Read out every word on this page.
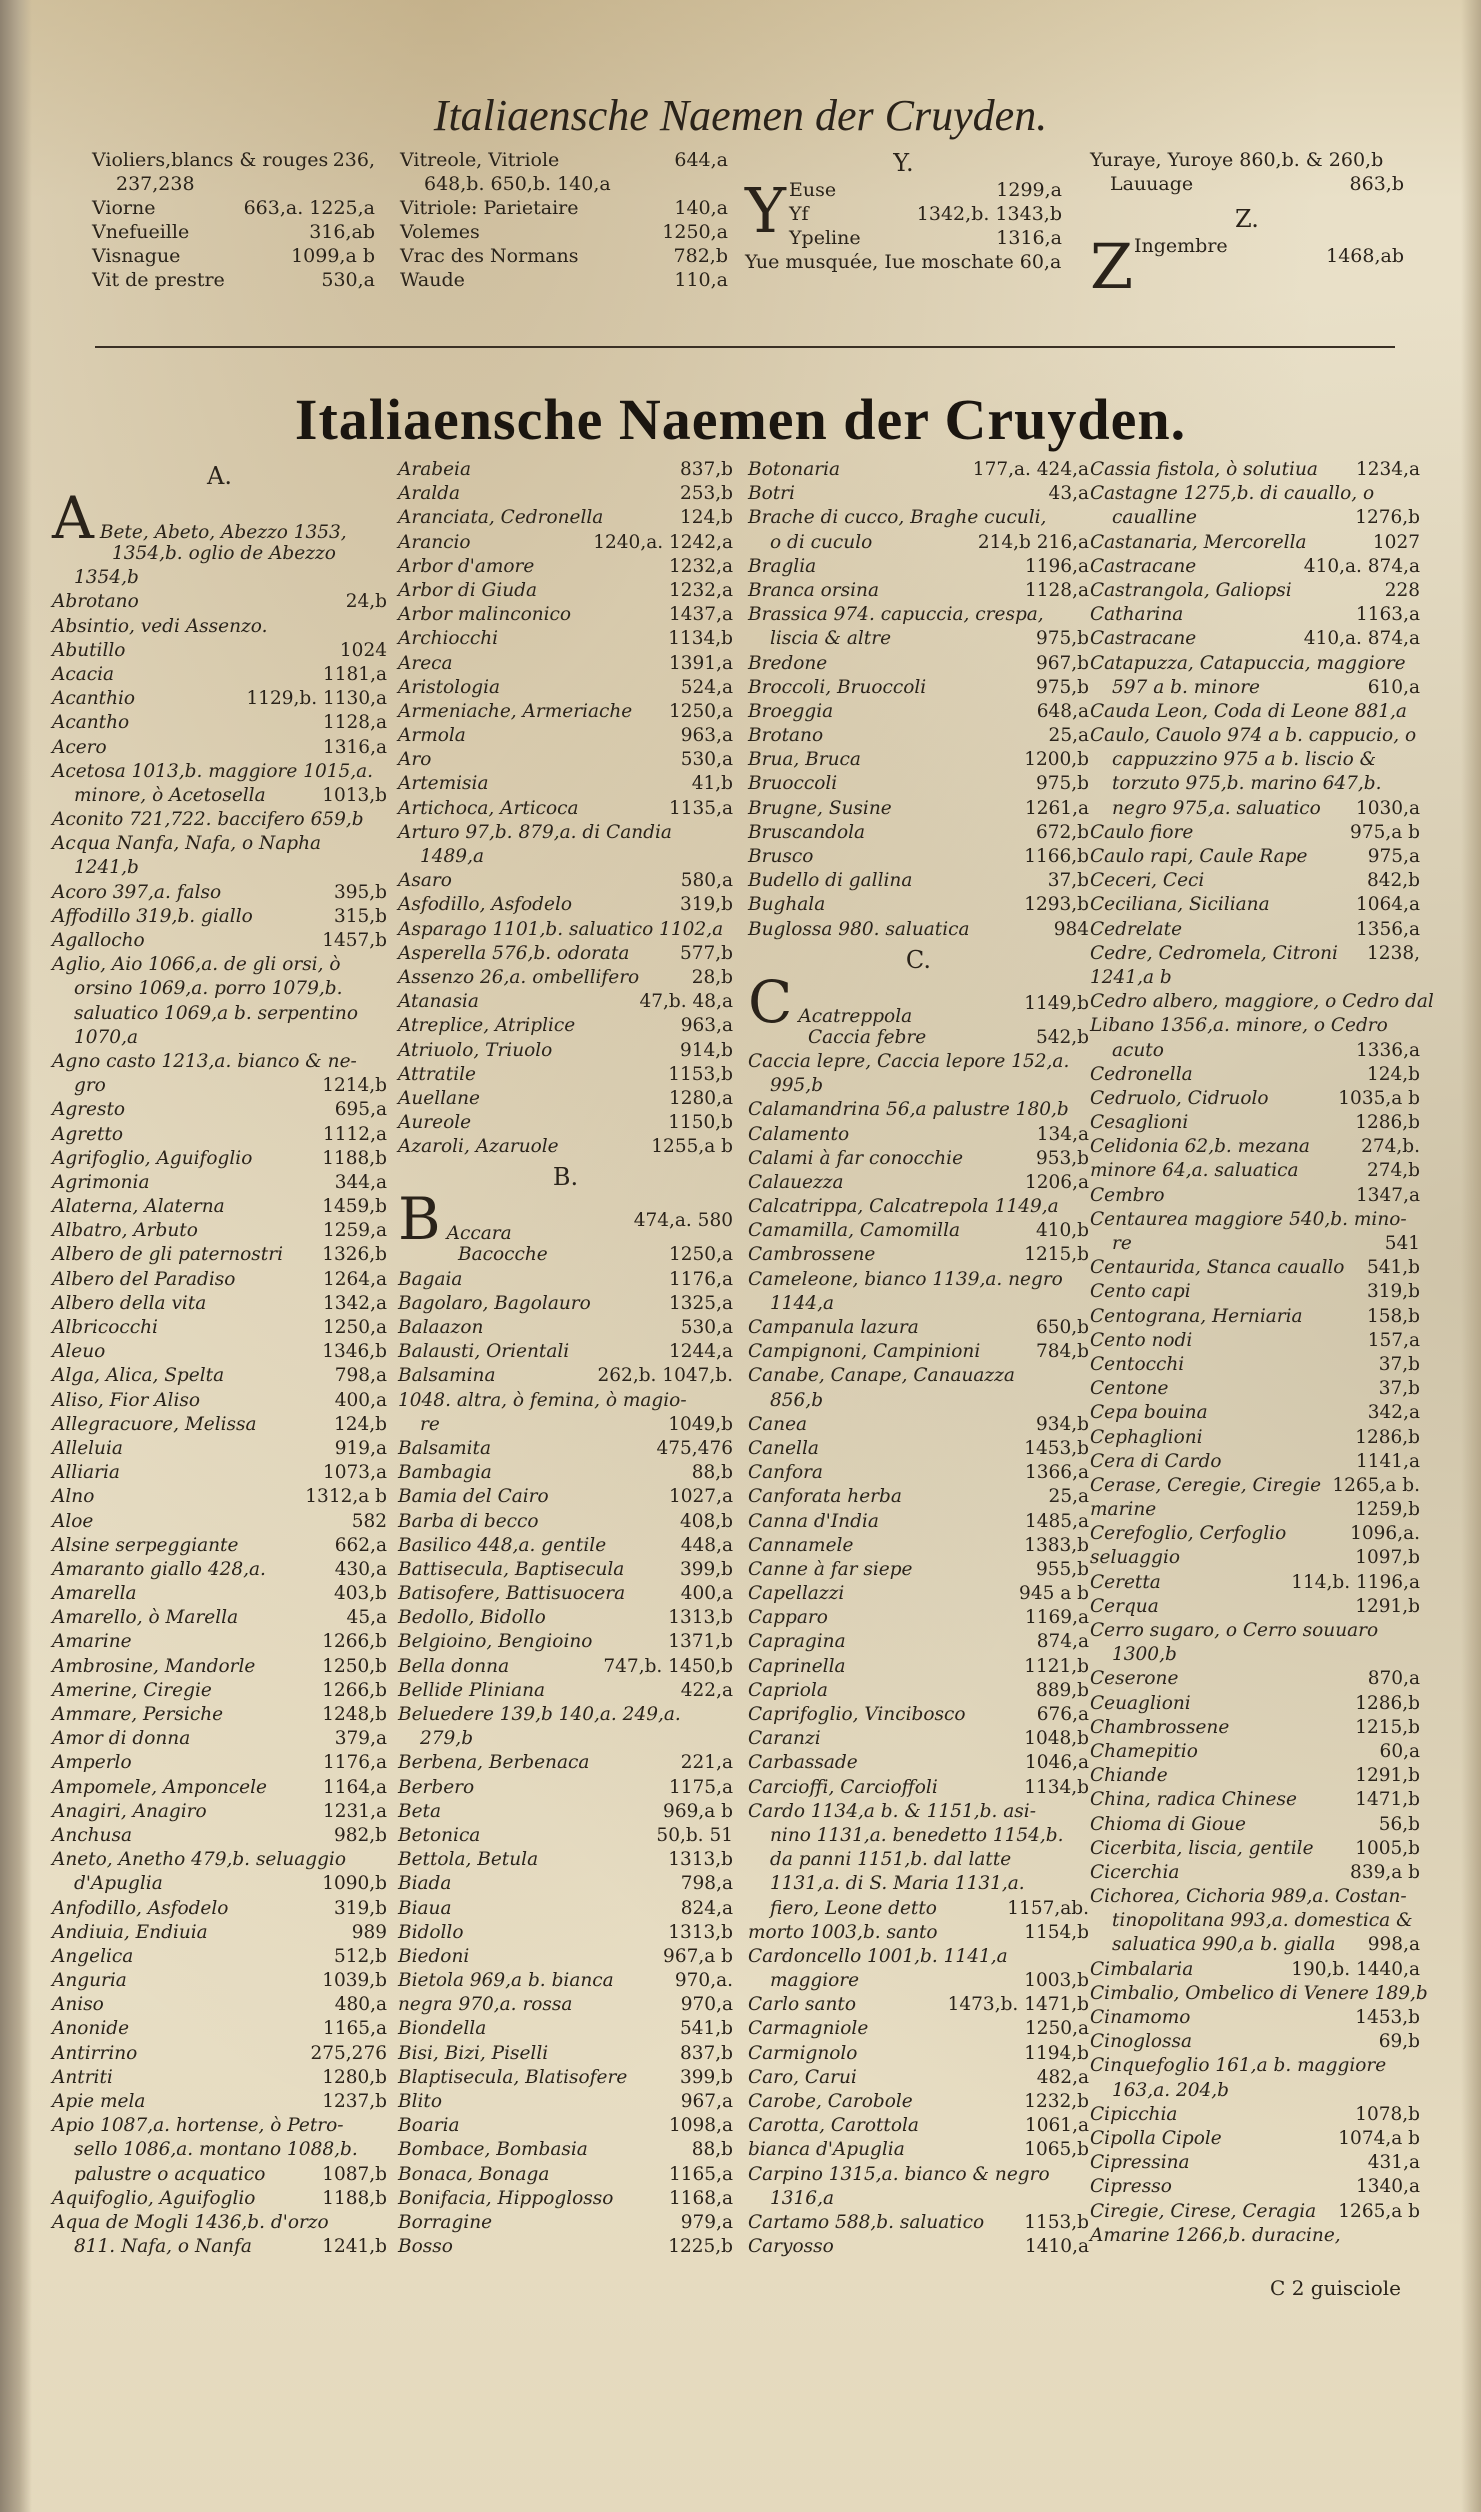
Italiaensche Naemen der Cruyden.
Violiers,blancs & rouges 236,
237,238
Viorne	663,a. 1225,a
Vnefueille	316,ab
Visnague	1099,a b
Vit de prestre	530,a
Vitreole, Vitriole	644,a
648,b. 650,b. 140,a
Vitriole: Parietaire	140,a
Volemes	1250,a
Vrac des Normans	782,b
Waude	110,a
Y.
Y Euse	1299,a
Yf	1342,b. 1343,b
Ypeline	1316,a
Yue musquée, Iue moschate 60,a
Yuraye, Yuroye 860,b. & 260,b
Lauuage	863,b
Z.
Z Ingembre	1468,ab
Italiaensche Naemen der Cruyden.
A.
A Bete, Abeto, Abezzo 1353,
1354,b. oglio de Abezzo
1354,b
Abrotano	24,b
Absintio, vedi Assenzo.
Abutillo	1024
Acacia	1181,a
Acanthio	1129,b. 1130,a
Acantho	1128,a
Acero	1316,a
Acetosa 1013,b. maggiore 1015,a.
minore, ò Acetosella	1013,b
Aconito 721,722. baccifero 659,b
Acqua Nanfa, Nafa, o Napha
1241,b
Acoro 397,a. falso	395,b
Affodillo 319,b. giallo	315,b
Agallocho	1457,b
Aglio, Aio 1066,a. de gli orsi, ò
orsino 1069,a. porro 1079,b.
saluatico 1069,a b. serpentino
1070,a
Agno casto 1213,a. bianco & ne-
gro	1214,b
Agresto	695,a
Agretto	1112,a
Agrifoglio, Aguifoglio	1188,b
Agrimonia	344,a
Alaterna, Alaterna	1459,b
Albatro, Arbuto	1259,a
Albero de gli paternostri 1326,b
Albero del Paradiso	1264,a
Albero della vita	1342,a
Albricocchi	1250,a
Aleuo	1346,b
Alga, Alica, Spelta	798,a
Aliso, Fior Aliso	400,a
Allegracuore, Melissa	124,b
Alleluia	919,a
Alliaria	1073,a
Alno	1312,a b
Aloe	582
Alsine serpeggiante	662,a
Amaranto giallo 428,a.	430,a
Amarella	403,b
Amarello, ò Marella	45,a
Amarine	1266,b
Ambrosine, Mandorle	1250,b
Amerine, Ciregie	1266,b
Ammare, Persiche	1248,b
Amor di donna	379,a
Amperlo	1176,a
Ampomele, Amponcele	1164,a
Anagiri, Anagiro	1231,a
Anchusa	982,b
Aneto, Anetho 479,b. seluaggio
d'Apuglia	1090,b
Anfodillo, Asfodelo	319,b
Andiuia, Endiuia	989
Angelica	512,b
Anguria	1039,b
Aniso	480,a
Anonide	1165,a
Antirrino	275,276
Antriti	1280,b
Apie mela	1237,b
Apio 1087,a. hortense, ò Petro-
sello 1086,a. montano 1088,b.
palustre o acquatico	1087,b
Aquifoglio, Aguifoglio	1188,b
Aqua de Mogli 1436,b. d'orzo
811. Nafa, o Nanfa	1241,b
Arabeia	837,b
Aralda	253,b
Aranciata, Cedronella	124,b
Arancio	1240,a. 1242,a
Arbor d'amore	1232,a
Arbor di Giuda	1232,a
Arbor malinconico	1437,a
Archiocchi	1134,b
Areca	1391,a
Aristologia	524,a
Armeniache, Armeriache 1250,a
Armola	963,a
Aro	530,a
Artemisia	41,b
Artichoca, Articoca	1135,a
Arturo 97,b. 879,a. di Candia
1489,a
Asaro	580,a
Asfodillo, Asfodelo	319,b
Asparago 1101,b. saluatico 1102,a
Asperella 576,b. odorata	577,b
Assenzo 26,a. ombellifero	28,b
Atanasia	47,b. 48,a
Atreplice, Atriplice	963,a
Atriuolo, Triuolo	914,b
Attratile	1153,b
Auellane	1280,a
Aureole	1150,b
Azaroli, Azaruole	1255,a b
B.
B Accara
474,a. 580
Bacocche	1250,a
Bagaia	1176,a
Bagolaro, Bagolauro	1325,a
Balaazon	530,a
Balausti, Orientali	1244,a
Balsamina	262,b. 1047,b.
1048. altra, ò femina, ò magio-
re	1049,b
Balsamita	475,476
Bambagia	88,b
Bamia del Cairo	1027,a
Barba di becco	408,b
Basilico 448,a. gentile	448,a
Battisecula, Baptisecula	399,b
Batisofere, Battisuocera	400,a
Bedollo, Bidollo	1313,b
Belgioino, Bengioino	1371,b
Bella donna	747,b. 1450,b
Bellide Pliniana	422,a
Beluedere 139,b 140,a. 249,a.
279,b
Berbena, Berbenaca	221,a
Berbero	1175,a
Beta	969,a b
Betonica	50,b. 51
Bettola, Betula	1313,b
Biada	798,a
Biaua	824,a
Bidollo	1313,b
Biedoni	967,a b
Bietola 969,a b. bianca	970,a.
negra 970,a. rossa	970,a
Biondella	541,b
Bisi, Bizi, Piselli	837,b
Blaptisecula, Blatisofere	399,b
Blito	967,a
Boaria	1098,a
Bombace, Bombasia	88,b
Bonaca, Bonaga	1165,a
Bonifacia, Hippoglosso	1168,a
Borragine	979,a
Bosso	1225,b
Botonaria	177,a. 424,a
Botri	43,a
Brache di cucco, Braghe cuculi,
o di cuculo	214,b 216,a
Braglia	1196,a
Branca orsina	1128,a
Brassica 974. capuccia, crespa,
liscia & altre	975,b
Bredone	967,b
Broccoli, Bruoccoli	975,b
Broeggia	648,a
Brotano	25,a
Brua, Bruca	1200,b
Bruoccoli	975,b
Brugne, Susine	1261,a
Bruscandola	672,b
Brusco	1166,b
Budello di gallina	37,b
Bughala	1293,b
Buglossa 980. saluatica	984
C.
C Acatreppola
1149,b
Caccia febre	542,b
Caccia lepre, Caccia lepore 152,a.
995,b
Calamandrina 56,a palustre 180,b
Calamento	134,a
Calami à far conocchie	953,b
Calauezza	1206,a
Calcatrippa, Calcatrepola 1149,a
Camamilla, Camomilla	410,b
Cambrossene	1215,b
Cameleone, bianco 1139,a. negro
1144,a
Campanula lazura	650,b
Campignoni, Campinioni	784,b
Canabe, Canape, Canauazza
856,b
Canea	934,b
Canella	1453,b
Canfora	1366,a
Canforata herba	25,a
Canna d'India	1485,a
Cannamele	1383,b
Canne à far siepe	955,b
Capellazzi	945 a b
Capparo	1169,a
Capragina	874,a
Caprinella	1121,b
Capriola	889,b
Caprifoglio, Vincibosco	676,a
Caranzi	1048,b
Carbassade	1046,a
Carcioffi, Carcioffoli	1134,b
Cardo 1134,a b. & 1151,b. asi-
nino 1131,a. benedetto 1154,b.
da panni 1151,b. dal latte
1131,a. di S. Maria 1131,a.
fiero, Leone detto	1157,ab.
morto 1003,b. santo	1154,b
Cardoncello 1001,b. 1141,a
maggiore	1003,b
Carlo santo	1473,b. 1471,b
Carmagniole	1250,a
Carmignolo	1194,b
Caro, Carui	482,a
Carobe, Carobole	1232,b
Carotta, Carottola	1061,a
bianca d'Apuglia	1065,b
Carpino 1315,a. bianco & negro
1316,a
Cartamo 588,b. saluatico 1153,b
Caryosso	1410,a
Cassia fistola, ò solutiua 1234,a
Castagne 1275,b. di cauallo, o
caualline	1276,b
Castanaria, Mercorella	1027
Castracane	410,a. 874,a
Castrangola, Galiopsi	228
Catharina	1163,a
Castracane	410,a. 874,a
Catapuzza, Catapuccia, maggiore
597 a b. minore	610,a
Cauda Leon, Coda di Leone 881,a
Caulo, Cauolo 974 a b. cappucio, o
cappuzzino 975 a b. liscio &
torzuto 975,b. marino 647,b.
negro 975,a. saluatico 1030,a
Caulo fiore	975,a b
Caulo rapi, Caule Rape	975,a
Ceceri, Ceci	842,b
Ceciliana, Siciliana	1064,a
Cedrelate	1356,a
Cedre, Cedromela, Citroni 1238,
1241,a b
Cedro albero, maggiore, o Cedro dal
Libano 1356,a. minore, o Cedro
acuto	1336,a
Cedronella	124,b
Cedruolo, Cidruolo	1035,a b
Cesaglioni	1286,b
Celidonia 62,b. mezana	274,b.
minore 64,a. saluatica	274,b
Cembro	1347,a
Centaurea maggiore 540,b. mino-
re	541
Centaurida, Stanca cauallo 541,b
Cento capi	319,b
Centograna, Herniaria	158,b
Cento nodi	157,a
Centocchi	37,b
Centone	37,b
Cepa bouina	342,a
Cephaglioni	1286,b
Cera di Cardo	1141,a
Cerase, Ceregie, Ciregie 1265,a b.
marine	1259,b
Cerefoglio, Cerfoglio	1096,a.
seluaggio	1097,b
Ceretta	114,b. 1196,a
Cerqua	1291,b
Cerro sugaro, o Cerro souuaro
1300,b
Ceserone	870,a
Ceuaglioni	1286,b
Chambrossene	1215,b
Chamepitio	60,a
Chiande	1291,b
China, radica Chinese	1471,b
Chioma di Gioue	56,b
Cicerbita, liscia, gentile 1005,b
Cicerchia	839,a b
Cichorea, Cichoria 989,a. Costan-
tinopolitana 993,a. domestica &
saluatica 990,a b. gialla 998,a
Cimbalaria	190,b. 1440,a
Cimbalio, Ombelico di Venere 189,b
Cinamomo	1453,b
Cinoglossa	69,b
Cinquefoglio 161,a b. maggiore
163,a. 204,b
Cipicchia	1078,b
Cipolla Cipole	1074,a b
Cipressina	431,a
Cipresso	1340,a
Ciregie, Cirese, Ceragia 1265,a b
Amarine 1266,b. duracine,
C 2 guisciole
